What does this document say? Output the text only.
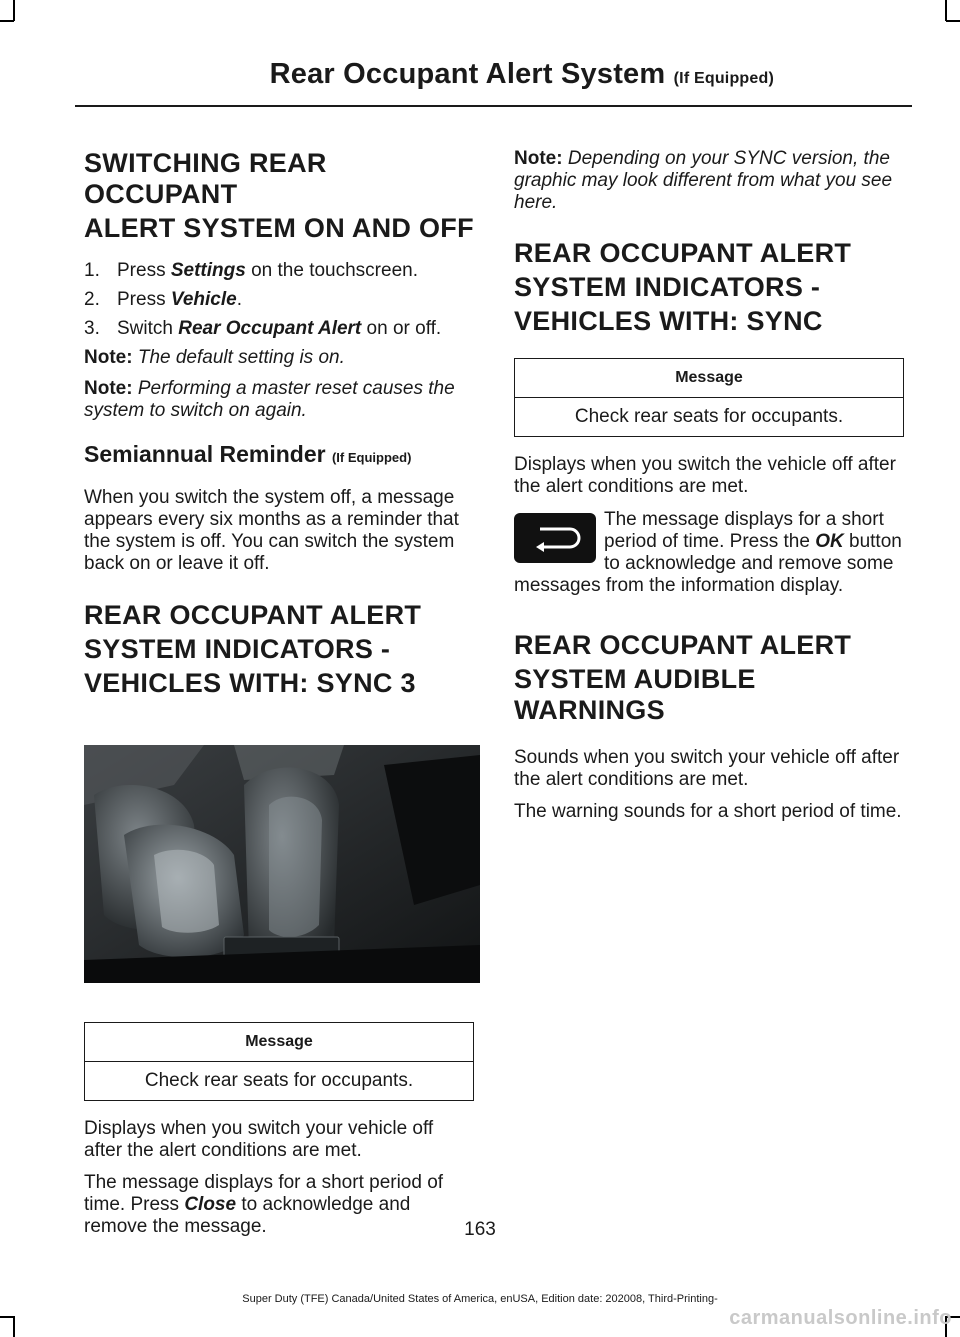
Rear Occupant Alert System (If Equipped)
SWITCHING REAR OCCUPANT
ALERT SYSTEM ON AND OFF
1. Press Settings on the touchscreen.
2. Press Vehicle.
3. Switch Rear Occupant Alert on or off.

Note: The default setting is on.

Note: Performing a master reset causes the system to switch on again.

Semiannual Reminder (If Equipped)

When you switch the system off, a message appears every six months as a reminder that the system is off. You can switch the system back on or leave it off.

REAR OCCUPANT ALERT
SYSTEM INDICATORS -
VEHICLES WITH: SYNC 3
Message
Check rear seats for occupants.

Displays when you switch your vehicle off after the alert conditions are met.

The message displays for a short period of time. Press Close to acknowledge and remove the message.

Note: Depending on your SYNC version, the graphic may look different from what you see here.

REAR OCCUPANT ALERT
SYSTEM INDICATORS -
VEHICLES WITH: SYNC
Message
Check rear seats for occupants.

Displays when you switch the vehicle off after the alert conditions are met.

The message displays for a short period of time. Press the OK button to acknowledge and remove some messages from the information display.

REAR OCCUPANT ALERT
SYSTEM AUDIBLE WARNINGS

Sounds when you switch your vehicle off after the alert conditions are met.

The warning sounds for a short period of time.

163
Super Duty (TFE) Canada/United States of America, enUSA, Edition date: 202008, Third-Printing-
carmanualsonline.info
